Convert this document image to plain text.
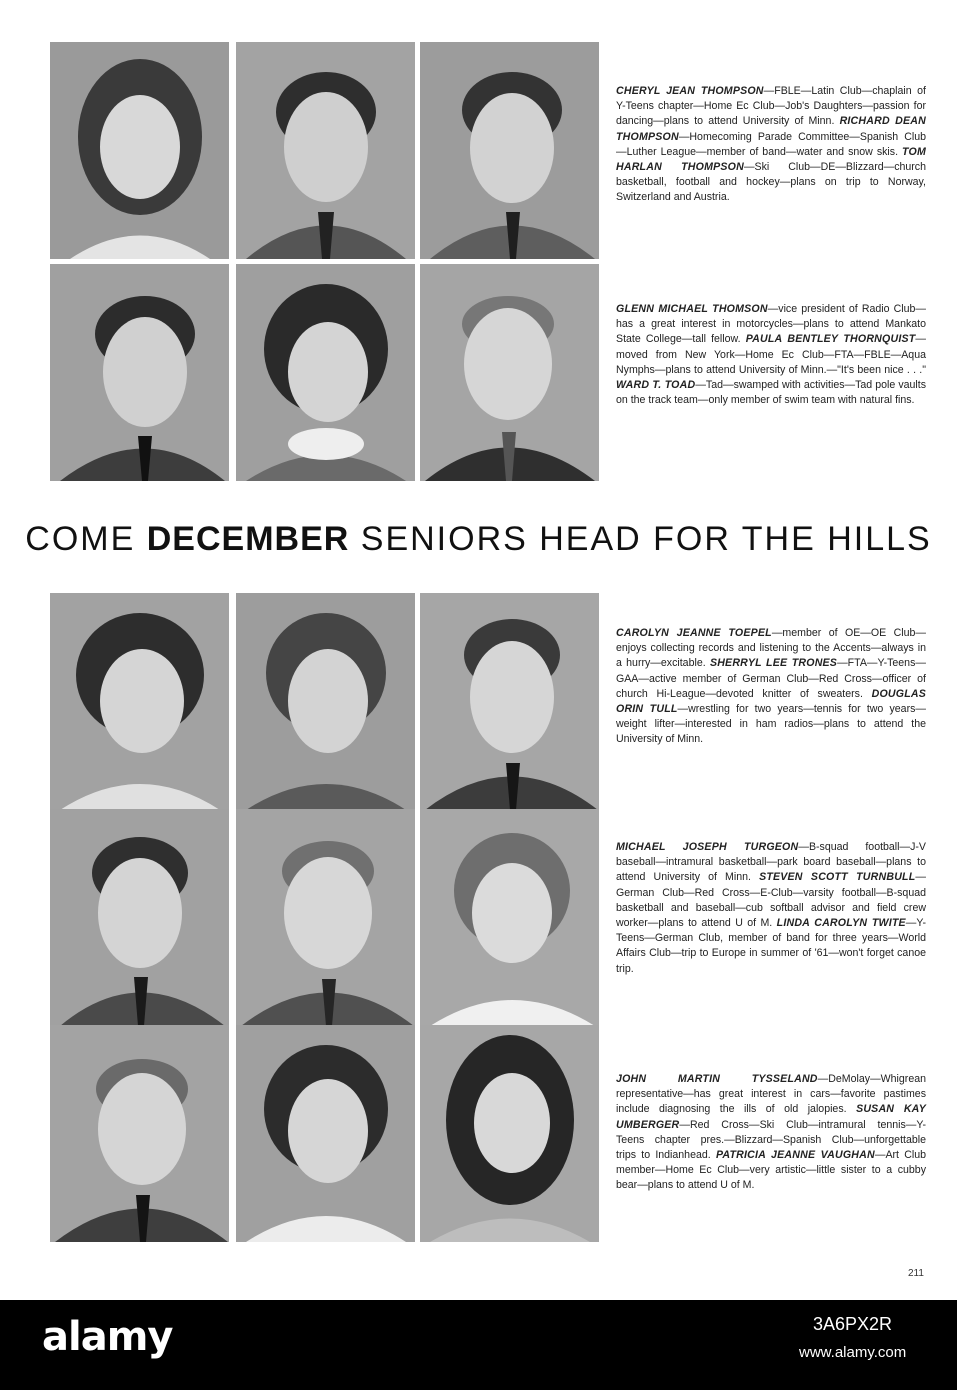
CHERYL JEAN THOMPSON—FBLE—Latin Club—chaplain of Y-Teens chapter—Home Ec Club—Job's Daughters—passion for dancing—plans to attend University of Minn. RICHARD DEAN THOMPSON—Homecoming Parade Committee—Spanish Club—Luther League—member of band—water and snow skis. TOM HARLAN THOMPSON—Ski Club—DE—Blizzard—church basketball, football and hockey—plans on trip to Norway, Switzerland and Austria.
GLENN MICHAEL THOMSON—vice president of Radio Club—has a great interest in motorcycles—plans to attend Mankato State College—tall fellow. PAULA BENTLEY THORNQUIST—moved from New York—Home Ec Club—FTA—FBLE—Aqua Nymphs—plans to attend University of Minn.—"It's been nice . . ." WARD T. TOAD—Tad—swamped with activities—Tad pole vaults on the track team—only member of swim team with natural fins.
COME DECEMBER SENIORS HEAD FOR THE HILLS
CAROLYN JEANNE TOEPEL—member of OE—OE Club—enjoys collecting records and listening to the Accents—always in a hurry—excitable. SHERRYL LEE TRONES—FTA—Y-Teens—GAA—active member of German Club—Red Cross—officer of church Hi-League—devoted knitter of sweaters. DOUGLAS ORIN TULL—wrestling for two years—tennis for two years—weight lifter—interested in ham radios—plans to attend the University of Minn.
MICHAEL JOSEPH TURGEON—B-squad football—J-V baseball—intramural basketball—park board baseball—plans to attend University of Minn. STEVEN SCOTT TURNBULL—German Club—Red Cross—E-Club—varsity football—B-squad basketball and baseball—cub softball advisor and field crew worker—plans to attend U of M. LINDA CAROLYN TWITE—Y-Teens—German Club, member of band for three years—World Affairs Club—trip to Europe in summer of '61—won't forget canoe trip.
JOHN MARTIN TYSSELAND—DeMolay—Whigrean representative—has great interest in cars—favorite pastimes include diagnosing the ills of old jalopies. SUSAN KAY UMBERGER—Red Cross—Ski Club—intramural tennis—Y-Teens chapter pres.—Blizzard—Spanish Club—unforgettable trips to Indianhead. PATRICIA JEANNE VAUGHAN—Art Club member—Home Ec Club—very artistic—little sister to a cubby bear—plans to attend U of M.
211
alamy	3A6PX2R
www.alamy.com
